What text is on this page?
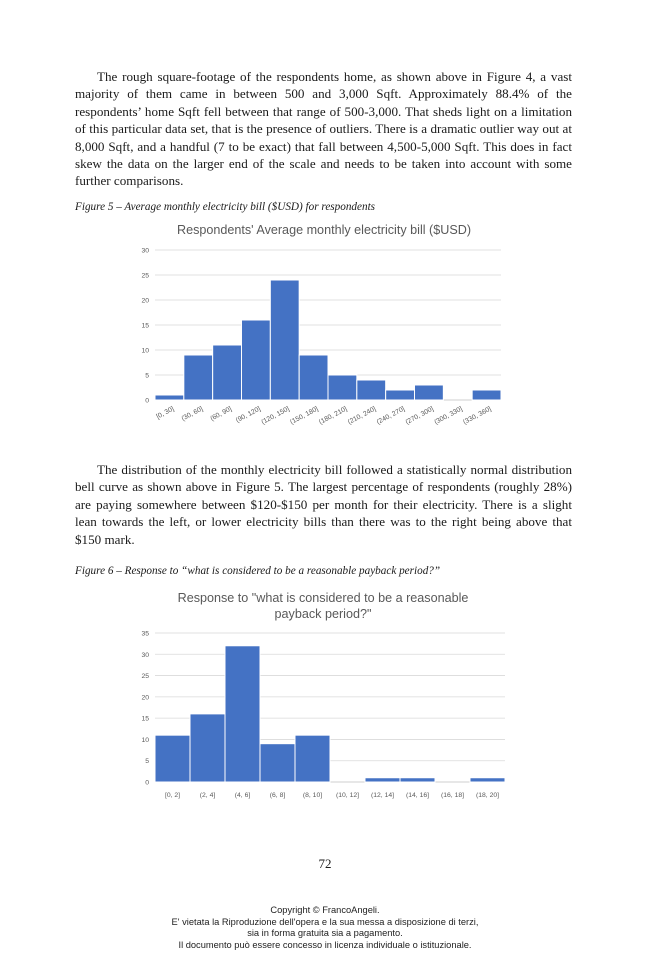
The rough square-footage of the respondents home, as shown above in Figure 4, a vast majority of them came in between 500 and 3,000 Sqft. Approximately 88.4% of the respondents’ home Sqft fell between that range of 500-3,000. That sheds light on a limitation of this particular data set, that is the presence of outliers. There is a dramatic outlier way out at 8,000 Sqft, and a handful (7 to be exact) that fall between 4,500-5,000 Sqft. This does in fact skew the data on the larger end of the scale and needs to be taken into account with some further comparisons.

Figure 5 – Average monthly electricity bill ($USD) for respondents

Respondents' Average monthly electricity bill ($USD)
0
5
10
15
20
25
30
[0, 30] (30, 60] (60, 90] (90, 120]
(120, 150]
(150, 180]
(180, 210]
(210, 240]
(240, 270]
(270, 300]
(300, 330]
(330, 360]

The distribution of the monthly electricity bill followed a statistically normal distribution bell curve as shown above in Figure 5. The largest percentage of respondents (roughly 28%) are paying somewhere between $120-$150 per month for their electricity. There is a slight lean towards the left, or lower electricity bills than there was to the right being above that $150 mark.

Figure 6 – Response to “what is considered to be a reasonable payback period?”

Response to "what is considered to be a reasonable
payback period?"
0
5
10
15
20
25
30
35
[0, 2]	(2, 4]	(4, 6]	(6, 8]	(8, 10] (10, 12] (12, 14] (14, 16] (16, 18] (18, 20]
72
Copyright © FrancoAngeli.
E' vietata la Riproduzione dell'opera e la sua messa a disposizione di terzi,
sia in forma gratuita sia a pagamento.
Il documento può essere concesso in licenza individuale o istituzionale.
